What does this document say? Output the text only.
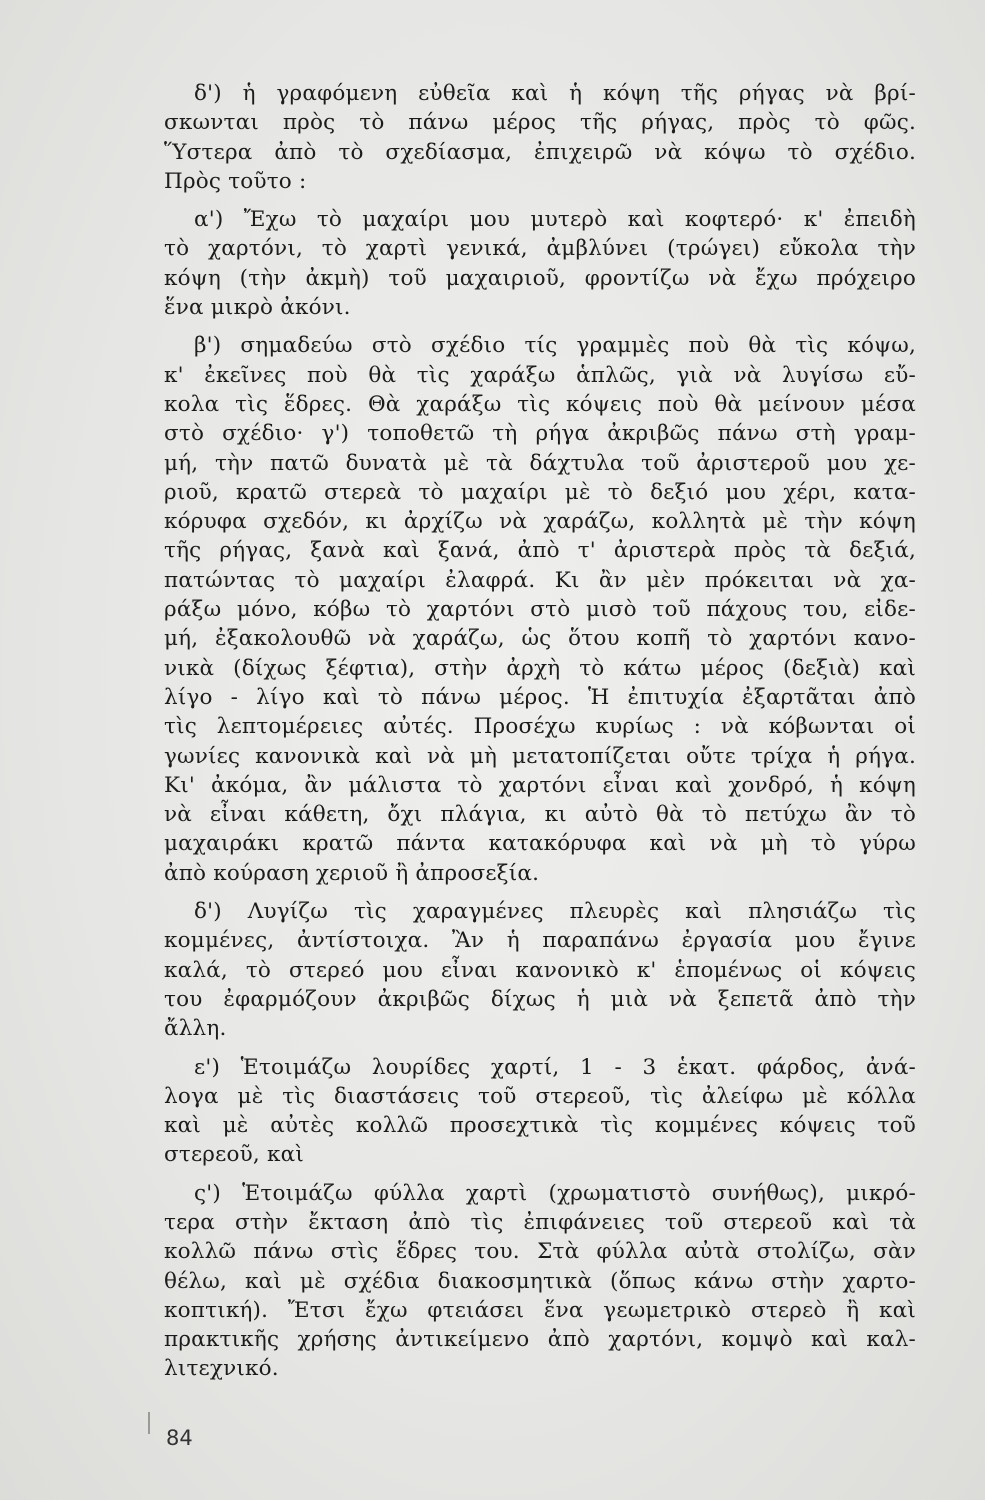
δ') ἡ γραφόμενη εὐθεῖα καὶ ἡ κόψη τῆς ρήγας νὰ βρί-
σκωνται πρὸς τὸ πάνω μέρος τῆς ρήγας, πρὸς τὸ φῶς.
Ὕστερα ἀπὸ τὸ σχεδίασμα, ἐπιχειρῶ νὰ κόψω τὸ σχέδιο.
Πρὸς τοῦτο :
α') Ἔχω τὸ μαχαίρι μου μυτερὸ καὶ κοφτερό· κ' ἐπειδὴ
τὸ χαρτόνι, τὸ χαρτὶ γενικά, ἀμβλύνει (τρώγει) εὔκολα τὴν
κόψη (τὴν ἀκμὴ) τοῦ μαχαιριοῦ, φροντίζω νὰ ἔχω πρόχειρο
ἕνα μικρὸ ἀκόνι.
β') σημαδεύω στὸ σχέδιο τίς γραμμὲς ποὺ θὰ τὶς κόψω,
κ' ἐκεῖνες ποὺ θὰ τὶς χαράξω ἁπλῶς, γιὰ νὰ λυγίσω εὔ-
κολα τὶς ἕδρες. Θὰ χαράξω τὶς κόψεις ποὺ θὰ μείνουν μέσα
στὸ σχέδιο· γ') τοποθετῶ τὴ ρήγα ἀκριβῶς πάνω στὴ γραμ-
μή, τὴν πατῶ δυνατὰ μὲ τὰ δάχτυλα τοῦ ἀριστεροῦ μου χε-
ριοῦ, κρατῶ στερεὰ τὸ μαχαίρι μὲ τὸ δεξιό μου χέρι, κατα-
κόρυφα σχεδόν, κι ἀρχίζω νὰ χαράζω, κολλητὰ μὲ τὴν κόψη
τῆς ρήγας, ξανὰ καὶ ξανά, ἀπὸ τ' ἀριστερὰ πρὸς τὰ δεξιά,
πατώντας τὸ μαχαίρι ἐλαφρά. Κι ἂν μὲν πρόκειται νὰ χα-
ράξω μόνο, κόβω τὸ χαρτόνι στὸ μισὸ τοῦ πάχους του, εἰδε-
μή, ἐξακολουθῶ νὰ χαράζω, ὡς ὅτου κοπῆ τὸ χαρτόνι κανο-
νικὰ (δίχως ξέφτια), στὴν ἀρχὴ τὸ κάτω μέρος (δεξιὰ) καὶ
λίγο - λίγο καὶ τὸ πάνω μέρος. Ἡ ἐπιτυχία ἐξαρτᾶται ἀπὸ
τὶς λεπτομέρειες αὐτές. Προσέχω κυρίως : νὰ κόβωνται οἱ
γωνίες κανονικὰ καὶ νὰ μὴ μετατοπίζεται οὔτε τρίχα ἡ ρήγα.
Κι' ἀκόμα, ἂν μάλιστα τὸ χαρτόνι εἶναι καὶ χονδρό, ἡ κόψη
νὰ εἶναι κάθετη, ὄχι πλάγια, κι αὐτὸ θὰ τὸ πετύχω ἂν τὸ
μαχαιράκι κρατῶ πάντα κατακόρυφα καὶ νὰ μὴ τὸ γύρω
ἀπὸ κούραση χεριοῦ ἢ ἀπροσεξία.
δ') Λυγίζω τὶς χαραγμένες πλευρὲς καὶ πλησιάζω τὶς
κομμένες, ἀντίστοιχα. Ἂν ἡ παραπάνω ἐργασία μου ἔγινε
καλά, τὸ στερεό μου εἶναι κανονικὸ κ' ἑπομένως οἱ κόψεις
του ἐφαρμόζουν ἀκριβῶς δίχως ἡ μιὰ νὰ ξεπετᾶ ἀπὸ τὴν
ἄλλη.
ε') Ἑτοιμάζω λουρίδες χαρτί, 1 - 3 ἑκατ. φάρδος, ἀνά-
λογα μὲ τὶς διαστάσεις τοῦ στερεοῦ, τὶς ἀλείφω μὲ κόλλα
καὶ μὲ αὐτὲς κολλῶ προσεχτικὰ τὶς κομμένες κόψεις τοῦ
στερεοῦ, καὶ
ς') Ἑτοιμάζω φύλλα χαρτὶ (χρωματιστὸ συνήθως), μικρό-
τερα στὴν ἔκταση ἀπὸ τὶς ἐπιφάνειες τοῦ στερεοῦ καὶ τὰ
κολλῶ πάνω στὶς ἕδρες του. Στὰ φύλλα αὐτὰ στολίζω, σὰν
θέλω, καὶ μὲ σχέδια διακοσμητικὰ (ὅπως κάνω στὴν χαρτο-
κοπτική). Ἔτσι ἔχω φτειάσει ἕνα γεωμετρικὸ στερεὸ ἢ καὶ
πρακτικῆς χρήσης ἀντικείμενο ἀπὸ χαρτόνι, κομψὸ καὶ καλ-
λιτεχνικό.
84
